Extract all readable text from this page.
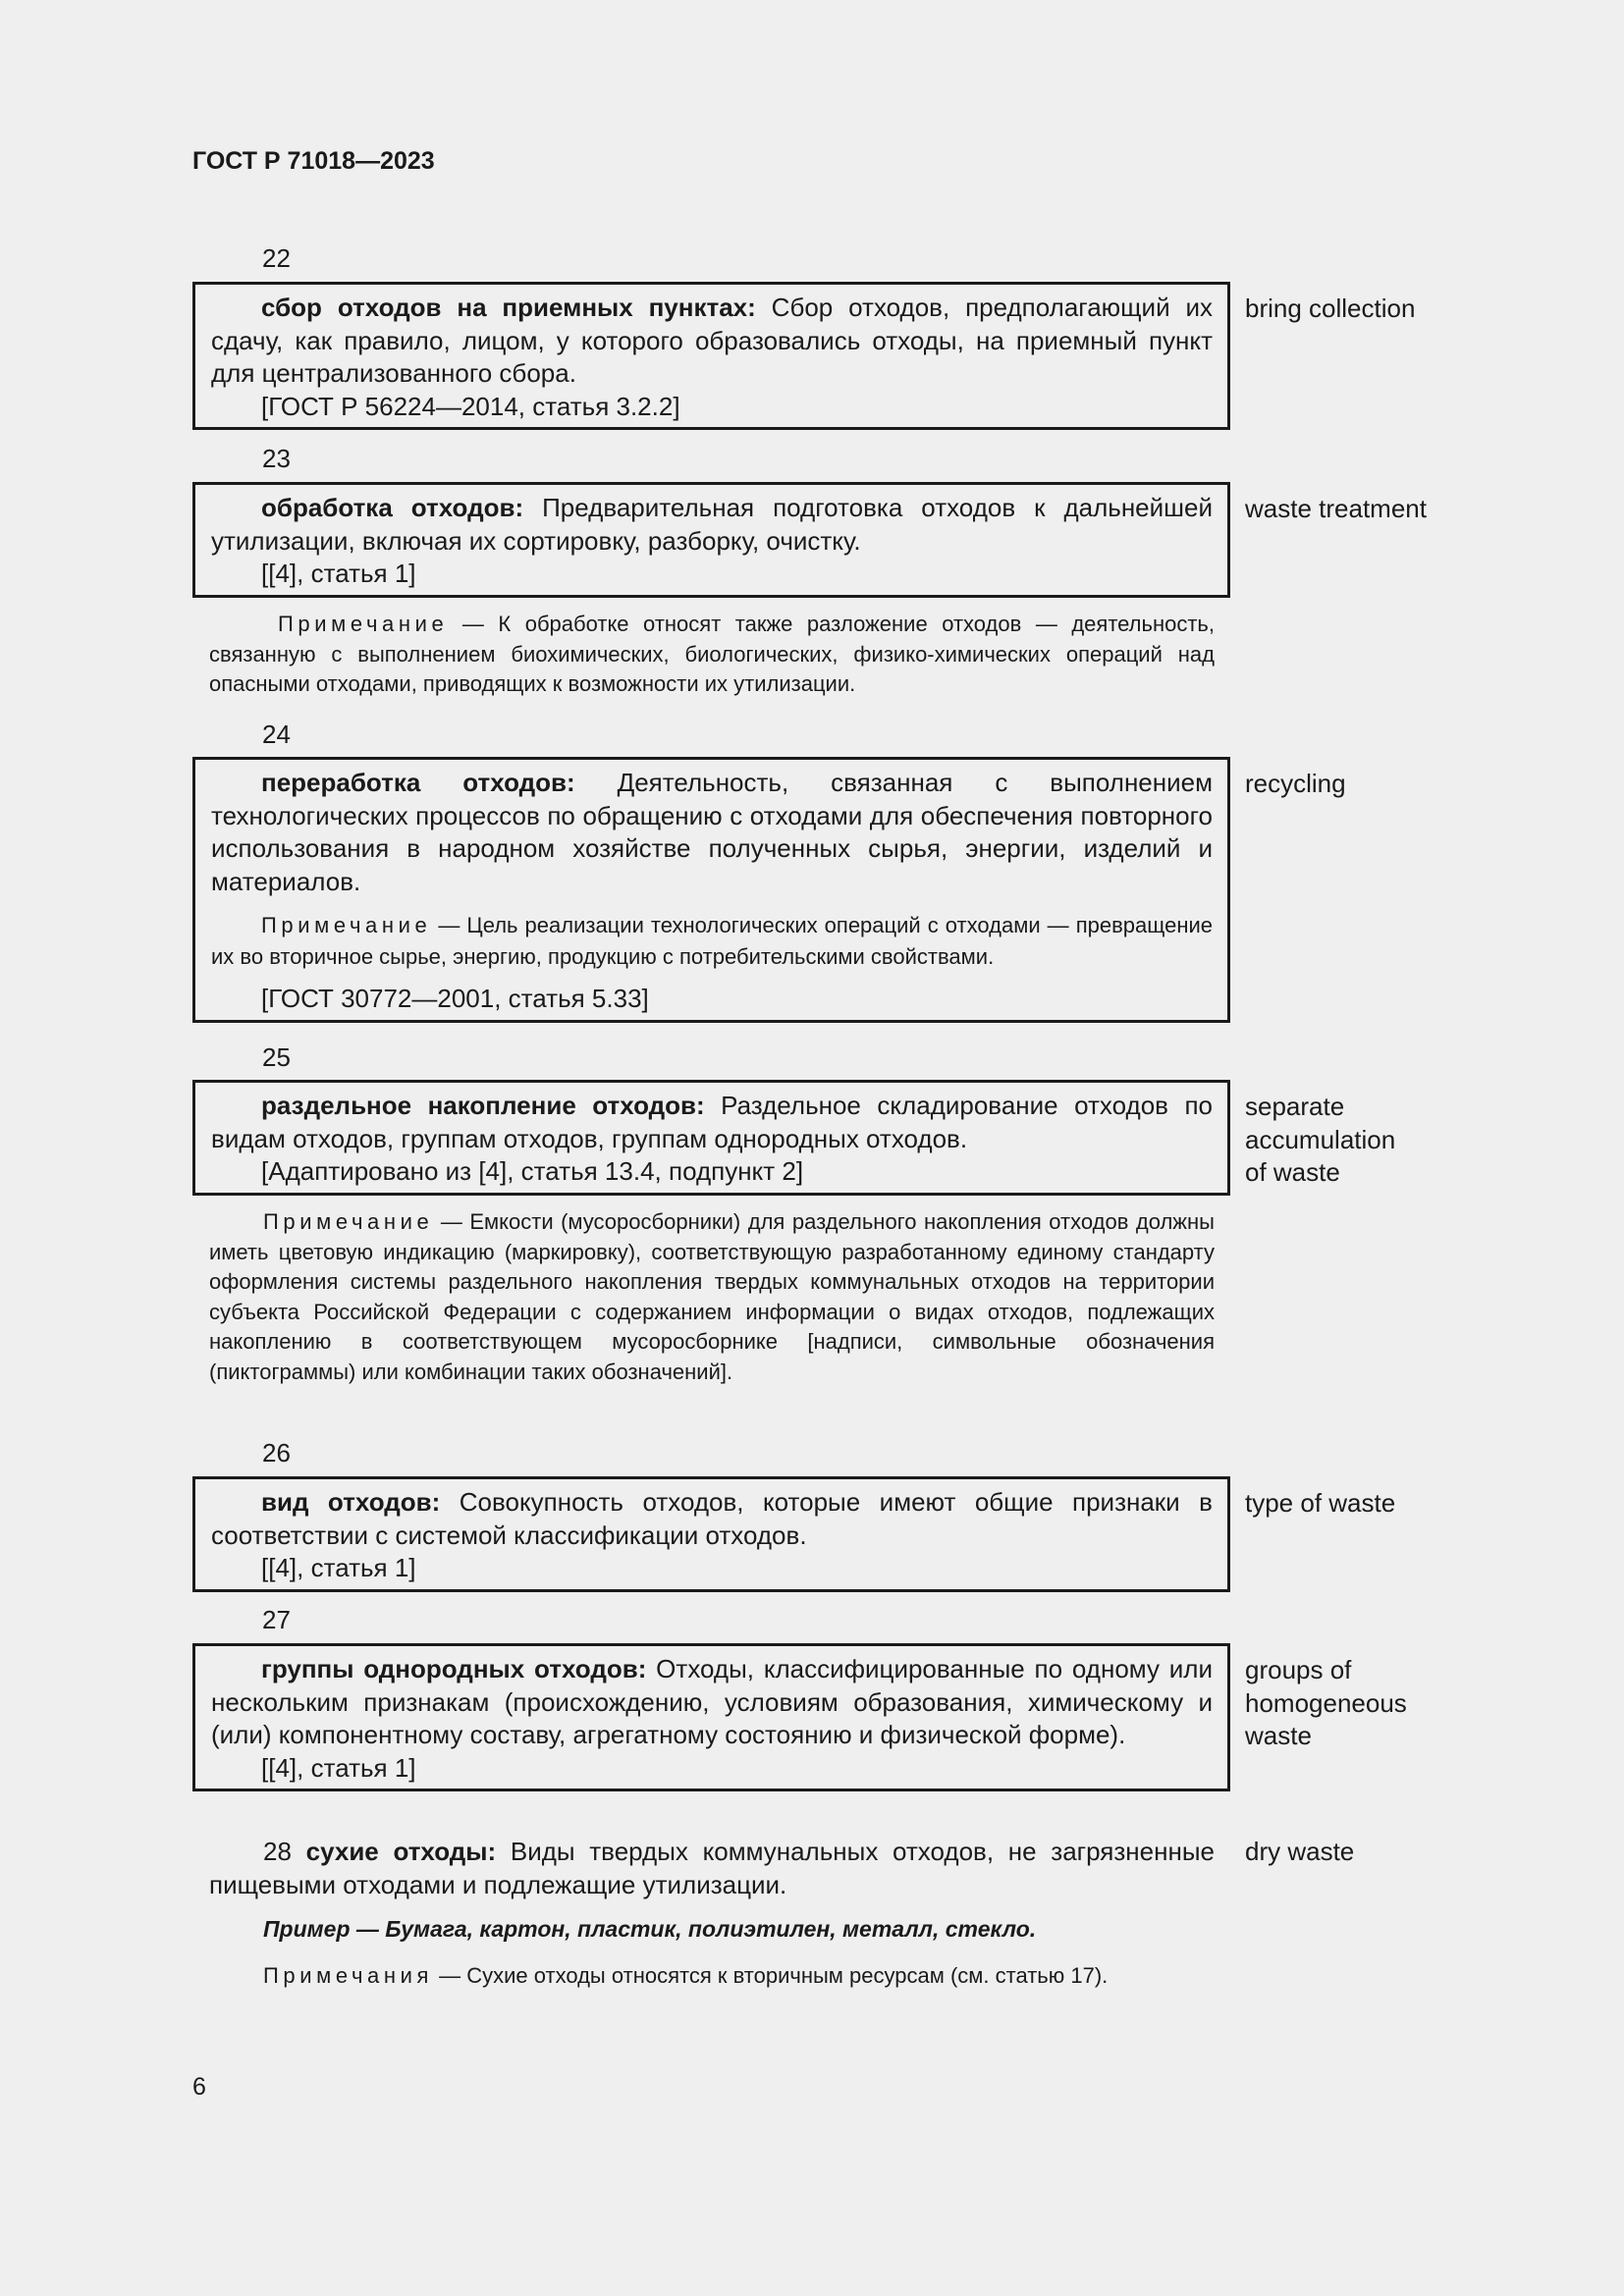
ГОСТ Р 71018—2023
22

сбор отходов на приемных пунктах: Сбор отходов, предполагающий их сдачу, как правило, лицом, у которого образовались отходы, на приемный пункт для централизованного сбора.

[ГОСТ Р 56224—2014, статья 3.2.2]

bring collection
23

обработка отходов: Предварительная подготовка отходов к дальнейшей утилизации, включая их сортировку, разборку, очистку.

[[4], статья 1]

waste treatment

Примечание — К обработке относят также разложение отходов — деятельность, связанную с выполнением биохимических, биологических, физико-химических операций над опасными отходами, приводящих к возможности их утилизации.

24

переработка отходов: Деятельность, связанная с выполнением технологических процессов по обращению с отходами для обеспечения повторного использования в народном хозяйстве полученных сырья, энергии, изделий и материалов.

Примечание — Цель реализации технологических операций с отходами — превращение их во вторичное сырье, энергию, продукцию с потребительскими свойствами.

[ГОСТ 30772—2001, статья 5.33]

recycling
25

раздельное накопление отходов: Раздельное складирование отходов по видам отходов, группам отходов, группам однородных отходов.

[Адаптировано из [4], статья 13.4, подпункт 2]

separate
accumulation
of waste

Примечание — Емкости (мусоросборники) для раздельного накопления отходов должны иметь цветовую индикацию (маркировку), соответствующую разработанному единому стандарту оформления системы раздельного накопления твердых коммунальных отходов на территории субъекта Российской Федерации с содержанием информации о видах отходов, подлежащих накоплению в соответствующем мусоросборнике [надписи, символьные обозначения (пиктограммы) или комбинации таких обозначений].

26

вид отходов: Совокупность отходов, которые имеют общие признаки в соответствии с системой классификации отходов.

[[4], статья 1]

type of waste
27

группы однородных отходов: Отходы, классифицированные по одному или нескольким признакам (происхождению, условиям образования, химическому и (или) компонентному составу, агрегатному состоянию и физической форме).

[[4], статья 1]

groups of
homogeneous
waste

28 сухие отходы: Виды твердых коммунальных отходов, не загрязненные пищевыми отходами и подлежащие утилизации.

dry waste
Пример — Бумага, картон, пластик, полиэтилен, металл, стекло.
Примечания — Сухие отходы относятся к вторичным ресурсам (см. статью 17).
6
